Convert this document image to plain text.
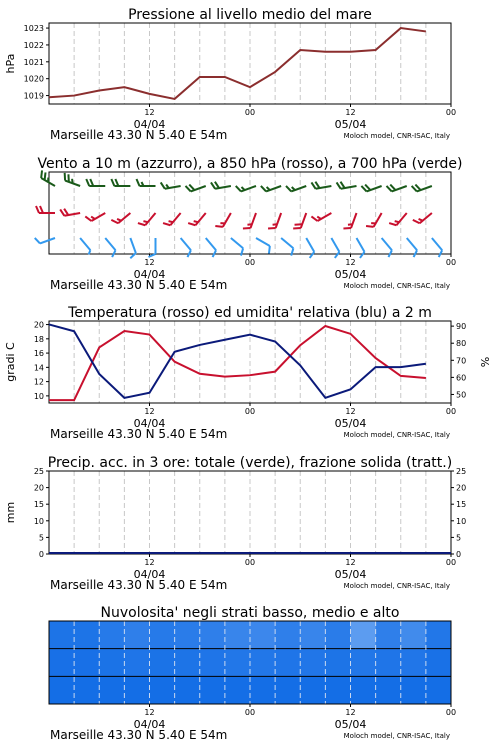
Pressione al livello medio del mare
12	00	12	00
04/04	05/04
Marseille 43.30 N 5.40 E 54m	Moloch model, CNR-ISAC, Italy
Vento a 10 m (azzurro), a 850 hPa (rosso), a 700 hPa (verde)
12	00	12	00
04/04	05/04
Marseille 43.30 N 5.40 E 54m	Moloch model, CNR-ISAC, Italy
Temperatura (rosso) ed umidita' relativa (blu) a 2 m
12	00	12	00
04/04	05/04
Marseille 43.30 N 5.40 E 54m	Moloch model, CNR-ISAC, Italy
Precip. acc. in 3 ore: totale (verde), frazione solida (tratt.)
12	00	12	00
04/04	05/04
Marseille 43.30 N 5.40 E 54m	Moloch model, CNR-ISAC, Italy
Nuvolosita' negli strati basso, medio e alto
12	00	12	00
04/04	05/04
Marseille 43.30 N 5.40 E 54m	Moloch model, CNR-ISAC, Italy
1019
1020
1021
1022
1023
hPa
10
12
14
16
18
20
50
60
70
80
90
gradi C	%
0	0
5	5
10	10
15	15
20	20
25	25
mm
